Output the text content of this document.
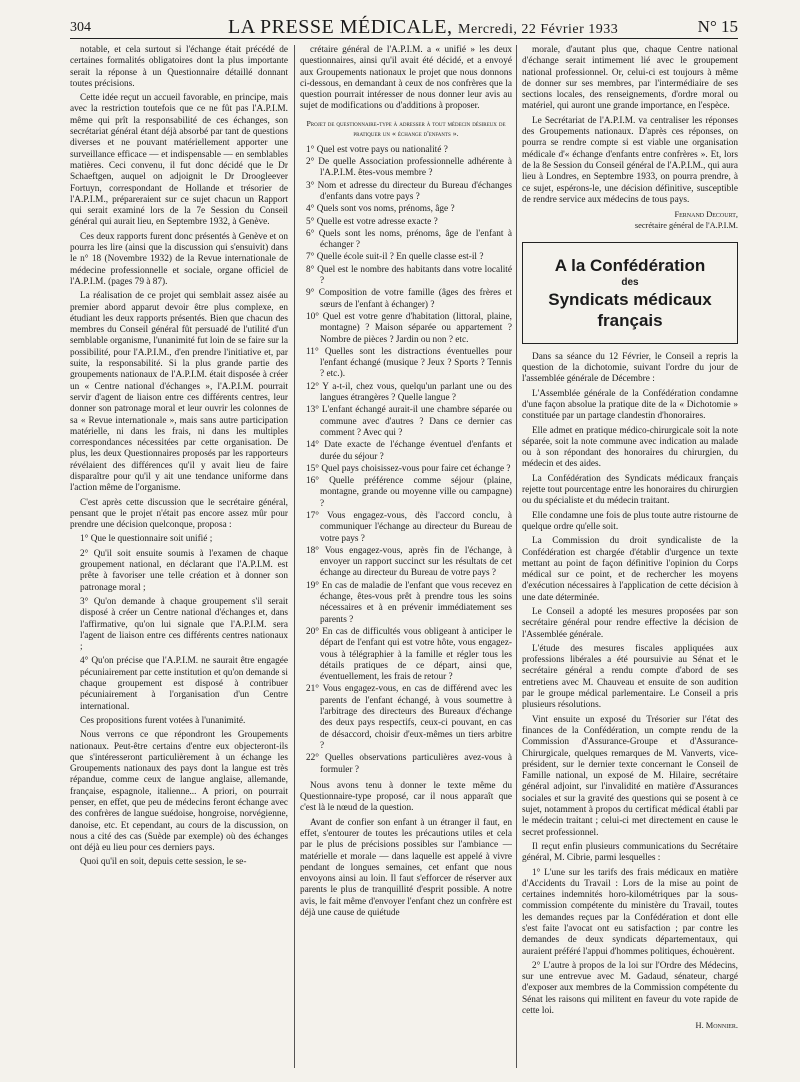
304	LA PRESSE MÉDICALE, Mercredi, 22 Février 1933	N° 15

notable, et cela surtout si l'échange était précédé de certaines formalités obligatoires dont la plus importante serait la réponse à un Questionnaire détaillé donnant toutes précisions.

Cette idée reçut un accueil favorable, en principe, mais avec la restriction toutefois que ce ne fût pas l'A.P.I.M. même qui prît la responsabilité de ces échanges, son secrétariat général étant déjà absorbé par tant de questions diverses et ne pouvant matériellement apporter une surveillance efficace — et indispensable — en semblables matières. Ceci convenu, il fut donc décidé que le Dr Schaeftgen, auquel on adjoignit le Dr Droogleever Fortuyn, correspondant de Hollande et trésorier de l'A.P.I.M., prépareraient sur ce sujet chacun un Rapport qui serait examiné lors de la 7e Session du Conseil général qui aurait lieu, en Septembre 1932, à Genève.

Ces deux rapports furent donc présentés à Genève et on pourra les lire (ainsi que la discussion qui s'ensuivit) dans le n° 18 (Novembre 1932) de la Revue internationale de médecine professionnelle et sociale, organe officiel de l'A.P.I.M. (pages 79 à 87).

La réalisation de ce projet qui semblait assez aisée au premier abord apparut devoir être plus complexe, en étudiant les deux rapports présentés. Bien que chacun des membres du Conseil général fût persuadé de l'utilité d'un semblable organisme, l'unanimité fut loin de se faire sur la possibilité, pour l'A.P.I.M., d'en prendre l'initiative et, par suite, la responsabilité. Si la plus grande partie des groupements nationaux de l'A.P.I.M. était disposée à créer un « Centre national d'échanges », l'A.P.I.M. pourrait servir d'agent de liaison entre ces différents centres, leur donner son patronage moral et leur ouvrir les colonnes de sa « Revue internationale », mais sans autre participation matérielle, ni dans les frais, ni dans les multiples correspondances nécessitées par cette organisation. De plus, les deux Questionnaires proposés par les rapporteurs révélaient des différences qu'il y avait lieu de faire disparaître pour qu'il y ait une tendance uniforme dans l'action même de l'organisme.

C'est après cette discussion que le secrétaire général, pensant que le projet n'était pas encore assez mûr pour prendre une décision quelconque, proposa :

1° Que le questionnaire soit unifié ;

2° Qu'il soit ensuite soumis à l'examen de chaque groupement national, en déclarant que l'A.P.I.M. est prête à favoriser une telle création et à donner son patronage moral ;

3° Qu'on demande à chaque groupement s'il serait disposé à créer un Centre national d'échanges et, dans l'affirmative, qu'on lui signale que l'A.P.I.M. sera l'agent de liaison entre ces différents centres nationaux ;

4° Qu'on précise que l'A.P.I.M. ne saurait être engagée pécuniairement par cette institution et qu'on demande si chaque groupement est disposé à contribuer pécuniairement à l'organisation d'un Centre international.

Ces propositions furent votées à l'unanimité.

Nous verrons ce que répondront les Groupements nationaux. Peut-être certains d'entre eux objecteront-ils que s'intéresseront particulièrement à un échange les Groupements nationaux des pays dont la langue est très répandue, comme ceux de langue anglaise, allemande, française, espagnole, italienne... A priori, on pourrait penser, en effet, que peu de médecins feront échange avec des confrères de langue suédoise, hongroise, norvégienne, danoise, etc. Et cependant, au cours de la discussion, on nous a cité des cas (Suède par exemple) où des échanges ont déjà eu lieu pour ces derniers pays.

Quoi qu'il en soit, depuis cette session, le se-

crétaire général de l'A.P.I.M. a « unifié » les deux questionnaires, ainsi qu'il avait été décidé, et a envoyé aux Groupements nationaux le projet que nous donnons ci-dessous, en demandant à ceux de nos confrères que la question pourrait intéresser de nous donner leur avis au sujet de modifications ou d'additions à proposer.

Projet de questionnaire-type à adresser à tout médecin désireux de pratiquer un « échange d'enfants ».

1° Quel est votre pays ou nationalité ?
2° De quelle Association professionnelle adhérente à l'A.P.I.M. êtes-vous membre ?
3° Nom et adresse du directeur du Bureau d'échanges d'enfants dans votre pays ?
4° Quels sont vos noms, prénoms, âge ?
5° Quelle est votre adresse exacte ?
6° Quels sont les noms, prénoms, âge de l'enfant à échanger ?
7° Quelle école suit-il ? En quelle classe est-il ?
8° Quel est le nombre des habitants dans votre localité ?
9° Composition de votre famille (âges des frères et sœurs de l'enfant à échanger) ?
10° Quel est votre genre d'habitation (littoral, plaine, montagne) ? Maison séparée ou appartement ? Nombre de pièces ? Jardin ou non ? etc.
11° Quelles sont les distractions éventuelles pour l'enfant échangé (musique ? Jeux ? Sports ? Tennis ? etc.).
12° Y a-t-il, chez vous, quelqu'un parlant une ou des langues étrangères ? Quelle langue ?
13° L'enfant échangé aurait-il une chambre séparée ou commune avec d'autres ? Dans ce dernier cas comment ? Avec qui ?
14° Date exacte de l'échange éventuel d'enfants et durée du séjour ?
15° Quel pays choisissez-vous pour faire cet échange ?
16° Quelle préférence comme séjour (plaine, montagne, grande ou moyenne ville ou campagne) ?
17° Vous engagez-vous, dès l'accord conclu, à communiquer l'échange au directeur du Bureau de votre pays ?
18° Vous engagez-vous, après fin de l'échange, à envoyer un rapport succinct sur les résultats de cet échange au directeur du Bureau de votre pays ?
19° En cas de maladie de l'enfant que vous recevez en échange, êtes-vous prêt à prendre tous les soins nécessaires et à en prévenir immédiatement ses parents ?
20° En cas de difficultés vous obligeant à anticiper le départ de l'enfant qui est votre hôte, vous engagez-vous à télégraphier à la famille et régler tous les détails pratiques de ce départ, ainsi que, éventuellement, les frais de retour ?
21° Vous engagez-vous, en cas de différend avec les parents de l'enfant échangé, à vous soumettre à l'arbitrage des directeurs des Bureaux d'échange des deux pays respectifs, ceux-ci pouvant, en cas de désaccord, choisir d'eux-mêmes un tiers arbitre ?
22° Quelles observations particulières avez-vous à formuler ?

Nous avons tenu à donner le texte même du Questionnaire-type proposé, car il nous apparaît que c'est là le nœud de la question.

Avant de confier son enfant à un étranger il faut, en effet, s'entourer de toutes les précautions utiles et cela par le plus de précisions possibles sur l'ambiance — matérielle et morale — dans laquelle est appelé à vivre pendant de longues semaines, cet enfant que nous envoyons ainsi au loin. Il faut s'efforcer de réserver aux parents le plus de tranquillité d'esprit possible. A notre avis, le fait même d'envoyer l'enfant chez un confrère est déjà une cause de quiétude

morale, d'autant plus que, chaque Centre national d'échange serait intimement lié avec le groupement national professionnel. Or, celui-ci est toujours à même de donner sur ses membres, par l'intermédiaire de ses sections locales, des renseignements, d'ordre moral ou matériel, qui auront une grande importance, en l'espèce.

Le Secrétariat de l'A.P.I.M. va centraliser les réponses des Groupements nationaux. D'après ces réponses, on pourra se rendre compte si est viable une organisation médicale d'« échange d'enfants entre confrères ». Et, lors de la 8e Session du Conseil général de l'A.P.I.M., qui aura lieu à Londres, en Septembre 1933, on pourra prendre, à ce sujet, espérons-le, une décision définitive, susceptible de rendre service aux médecins de tous pays.

Fernand Decourt,

secrétaire général de l'A.P.I.M.

A la Confédération
des
Syndicats médicaux français

Dans sa séance du 12 Février, le Conseil a repris la question de la dichotomie, suivant l'ordre du jour de l'assemblée générale de Décembre :

L'Assemblée générale de la Confédération condamne d'une façon absolue la pratique dite de la « Dichotomie » constituée par un partage clandestin d'honoraires.

Elle admet en pratique médico-chirurgicale soit la note séparée, soit la note commune avec indication au malade ou à son répondant des honoraires du chirurgien, du médecin et des aides.

La Confédération des Syndicats médicaux français rejette tout pourcentage entre les honoraires du chirurgien ou du spécialiste et du médecin traitant.

Elle condamne une fois de plus toute autre ristourne de quelque ordre qu'elle soit.

La Commission du droit syndicaliste de la Confédération est chargée d'établir d'urgence un texte mettant au point de façon définitive l'opinion du Corps médical sur ce point, et de rechercher les moyens d'exécution nécessaires à l'application de cette décision à une date déterminée.

Le Conseil a adopté les mesures proposées par son secrétaire général pour rendre effective la décision de l'Assemblée générale.

L'étude des mesures fiscales appliquées aux professions libérales a été poursuivie au Sénat et le secrétaire général a rendu compte d'abord de ses entretiens avec M. Chauveau et ensuite de son audition par le groupe médical parlementaire. Le Conseil a pris plusieurs résolutions.

Vint ensuite un exposé du Trésorier sur l'état des finances de la Confédération, un compte rendu de la Commission d'Assurance-Groupe et d'Assurance-Chirurgicale, quelques remarques de M. Vanverts, vice-président, sur le dernier texte concernant le Conseil de Famille national, un exposé de M. Hilaire, secrétaire général adjoint, sur l'invalidité en matière d'Assurances sociales et sur la gravité des questions qui se posent à ce sujet, notamment à propos du certificat médical établi par le médecin traitant ; celui-ci met directement en cause le secret professionnel.

Il reçut enfin plusieurs communications du Secrétaire général, M. Cibrie, parmi lesquelles :

1° L'une sur les tarifs des frais médicaux en matière d'Accidents du Travail : Lors de la mise au point de certaines indemnités horo-kilométriques par la sous-commission compétente du ministère du Travail, toutes les demandes reçues par la Confédération et dont elle s'est faite l'avocat ont eu satisfaction ; par contre les demandes de deux syndicats départementaux, qui auraient préféré l'appui d'hommes politiques, échouèrent.

2° L'autre à propos de la loi sur l'Ordre des Médecins, sur une entrevue avec M. Gadaud, sénateur, chargé d'exposer aux membres de la Commission compétente du Sénat les raisons qui militent en faveur du vote rapide de cette loi.

H. Monnier.
